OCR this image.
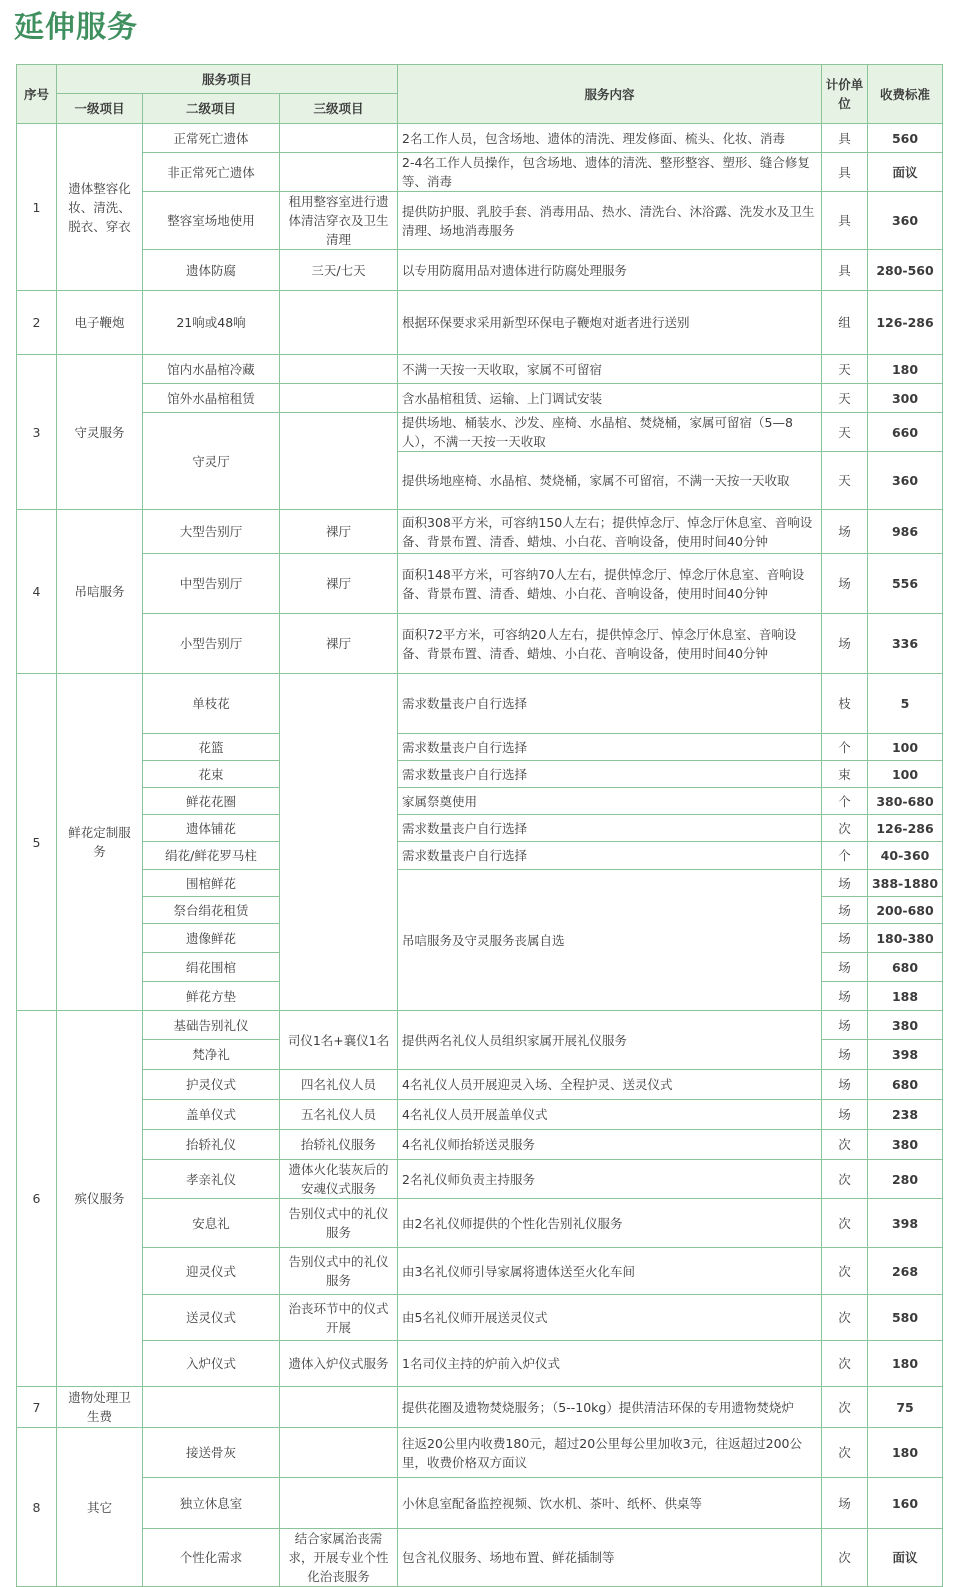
延伸服务
序号	服务项目			服务内容	计价单位	收费标准
	一级项目	二级项目	三级项目			
1	遗体整容化妆、清洗、脱衣、穿衣	正常死亡遗体		2名工作人员，包含场地、遗体的清洗、理发修面、梳头、化妆、消毒	具	560
		非正常死亡遗体		2-4名工作人员操作，包含场地、遗体的清洗、整形整容、塑形、缝合修复等、消毒	具	面议
		整容室场地使用	租用整容室进行遗体清洁穿衣及卫生清理	提供防护服、乳胶手套、消毒用品、热水、清洗台、沐浴露、洗发水及卫生清理、场地消毒服务	具	360
		遗体防腐	三天/七天	以专用防腐用品对遗体进行防腐处理服务	具	280-560
2	电子鞭炮	21响或48响		根据环保要求采用新型环保电子鞭炮对逝者进行送别	组	126-286
3	守灵服务	馆内水晶棺冷藏		不满一天按一天收取，家属不可留宿	天	180
		馆外水晶棺租赁		含水晶棺租赁、运输、上门调试安装	天	300
		守灵厅		提供场地、桶装水、沙发、座椅、水晶棺、焚烧桶，家属可留宿（5—8人），不满一天按一天收取	天	660
				提供场地座椅、水晶棺、焚烧桶，家属不可留宿，不满一天按一天收取	天	360
4	吊唁服务	大型告别厅	裸厅	面积308平方米，可容纳150人左右；提供悼念厅、悼念厅休息室、音响设备、背景布置、清香、蜡烛、小白花、音响设备，使用时间40分钟	场	986
		中型告别厅	裸厅	面积148平方米，可容纳70人左右，提供悼念厅、悼念厅休息室、音响设备、背景布置、清香、蜡烛、小白花、音响设备，使用时间40分钟	场	556
		小型告别厅	裸厅	面积72平方米，可容纳20人左右，提供悼念厅、悼念厅休息室、音响设备、背景布置、清香、蜡烛、小白花、音响设备，使用时间40分钟	场	336
5	鲜花定制服务	单枝花		需求数量丧户自行选择	枝	5
		花篮		需求数量丧户自行选择	个	100
		花束		需求数量丧户自行选择	束	100
		鲜花花圈		家属祭奠使用	个	380-680
		遗体铺花		需求数量丧户自行选择	次	126-286
		绢花/鲜花罗马柱		需求数量丧户自行选择	个	40-360
		围棺鲜花		吊唁服务及守灵服务丧属自选	场	388-1880
		祭台绢花租赁			场	200-680
		遗像鲜花			场	180-380
		绢花围棺			场	680
		鲜花方垫			场	188
6	殡仪服务	基础告别礼仪	司仪1名+襄仪1名	提供两名礼仪人员组织家属开展礼仪服务	场	380
		梵净礼			场	398
		护灵仪式	四名礼仪人员	4名礼仪人员开展迎灵入场、全程护灵、送灵仪式	场	680
		盖单仪式	五名礼仪人员	4名礼仪人员开展盖单仪式	场	238
		抬轿礼仪	抬轿礼仪服务	4名礼仪师抬轿送灵服务	次	380
		孝亲礼仪	遗体火化装灰后的安魂仪式服务	2名礼仪师负责主持服务	次	280
		安息礼	告别仪式中的礼仪服务	由2名礼仪师提供的个性化告别礼仪服务	次	398
		迎灵仪式	告别仪式中的礼仪服务	由3名礼仪师引导家属将遗体送至火化车间	次	268
		送灵仪式	治丧环节中的仪式开展	由5名礼仪师开展送灵仪式	次	580
		入炉仪式	遗体入炉仪式服务	1名司仪主持的炉前入炉仪式	次	180
7	遗物处理卫生费			提供花圈及遗物焚烧服务；（5--10kg）提供清洁环保的专用遗物焚烧炉	次	75
8	其它	接送骨灰		往返20公里内收费180元，超过20公里每公里加收3元，往返超过200公里，收费价格双方面议	次	180
		独立休息室		小休息室配备监控视频、饮水机、茶叶、纸杯、供桌等	场	160
		个性化需求	结合家属治丧需求，开展专业个性化治丧服务	包含礼仪服务、场地布置、鲜花插制等	次	面议
